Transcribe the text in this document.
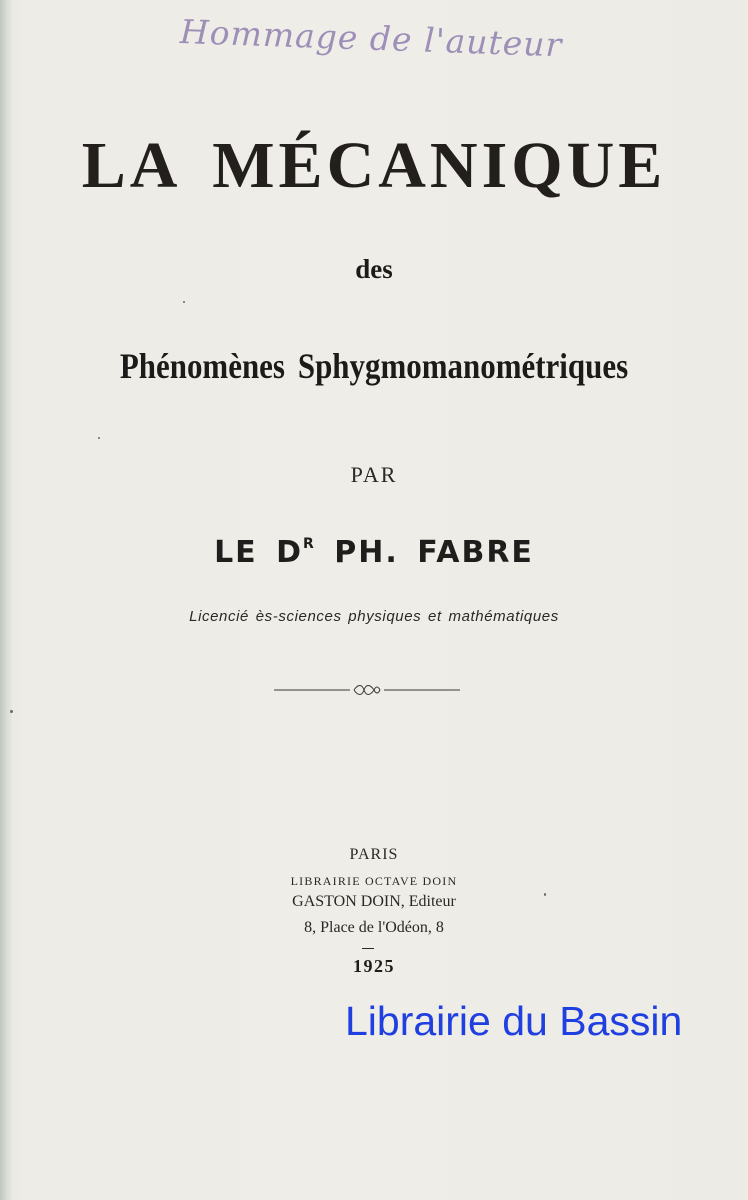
Hommage de l'auteur
LA MÉCANIQUE
des
Phénomènes Sphygmomanométriques
PAR
LE $D^R$ PH. FABRE
Licencié ès-sciences physiques et mathématiques
PARIS
LIBRAIRIE OCTAVE DOIN
GASTON DOIN, Editeur
8, Place de l'Odéon, 8
1925
Librairie du Bassin
